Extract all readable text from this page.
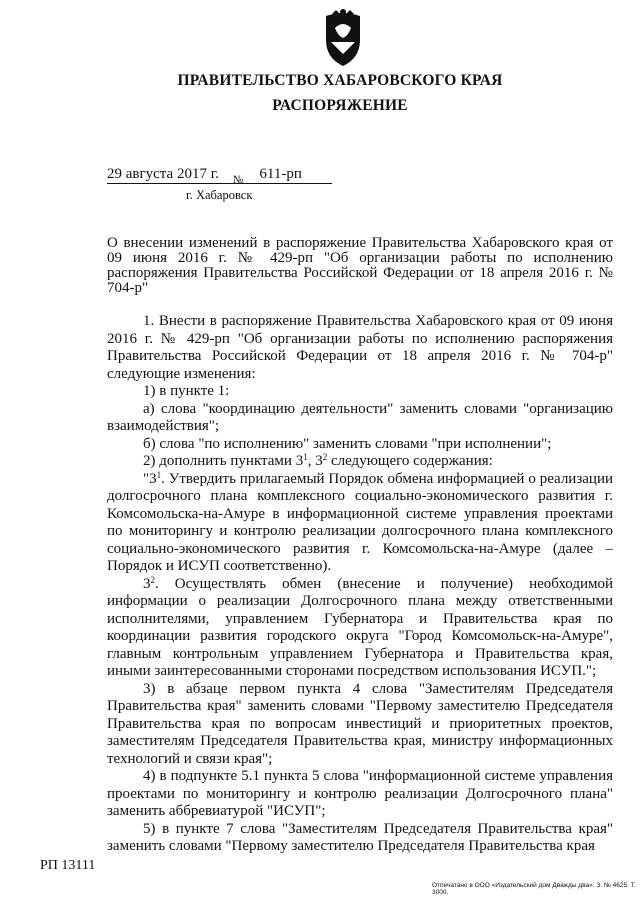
ПРАВИТЕЛЬСТВО ХАБАРОВСКОГО КРАЯ
РАСПОРЯЖЕНИЕ
29 августа 2017 г. № 611-рп
г. Хабаровск
О внесении изменений в распоряжение Правительства Хабаровского края от 09 июня 2016 г. № 429-рп "Об организации работы по исполнению распоряжения Правительства Российской Федерации от 18 апреля 2016 г. № 704-р"

1. Внести в распоряжение Правительства Хабаровского края от 09 июня 2016 г. № 429-рп "Об организации работы по исполнению распоряжения Правительства Российской Федерации от 18 апреля 2016 г. № 704-р" следующие изменения:

1) в пункте 1:

а) слова "координацию деятельности" заменить словами "организацию взаимодействия";

б) слова "по исполнению" заменить словами "при исполнении";

2) дополнить пунктами $3^1$, $3^2$ следующего содержания:

"$3^1$. Утвердить прилагаемый Порядок обмена информацией о реализации долгосрочного плана комплексного социально-экономического развития г. Комсомольска-на-Амуре в информационной системе управления проектами по мониторингу и контролю реализации долгосрочного плана комплексного социально-экономического развития г. Комсомольска-на-Амуре (далее – Порядок и ИСУП соответственно).

$3^2$. Осуществлять обмен (внесение и получение) необходимой информации о реализации Долгосрочного плана между ответственными исполнителями, управлением Губернатора и Правительства края по координации развития городского округа "Город Комсомольск-на-Амуре", главным контрольным управлением Губернатора и Правительства края, иными заинтересованными сторонами посредством использования ИСУП.";

3) в абзаце первом пункта 4 слова "Заместителям Председателя Правительства края" заменить словами "Первому заместителю Председателя Правительства края по вопросам инвестиций и приоритетных проектов, заместителям Председателя Правительства края, министру информационных технологий и связи края";

4) в подпункте 5.1 пункта 5 слова "информационной системе управления проектами по мониторингу и контролю реализации Долгосрочного плана" заменить аббревиатурой "ИСУП";

5) в пункте 7 слова "Заместителям Председателя Правительства края" заменить словами "Первому заместителю Председателя Правительства края

РП 13111
Отпечатано в ООО «Издательский дом Дважды два». З. № 4625. Т. 3000.
